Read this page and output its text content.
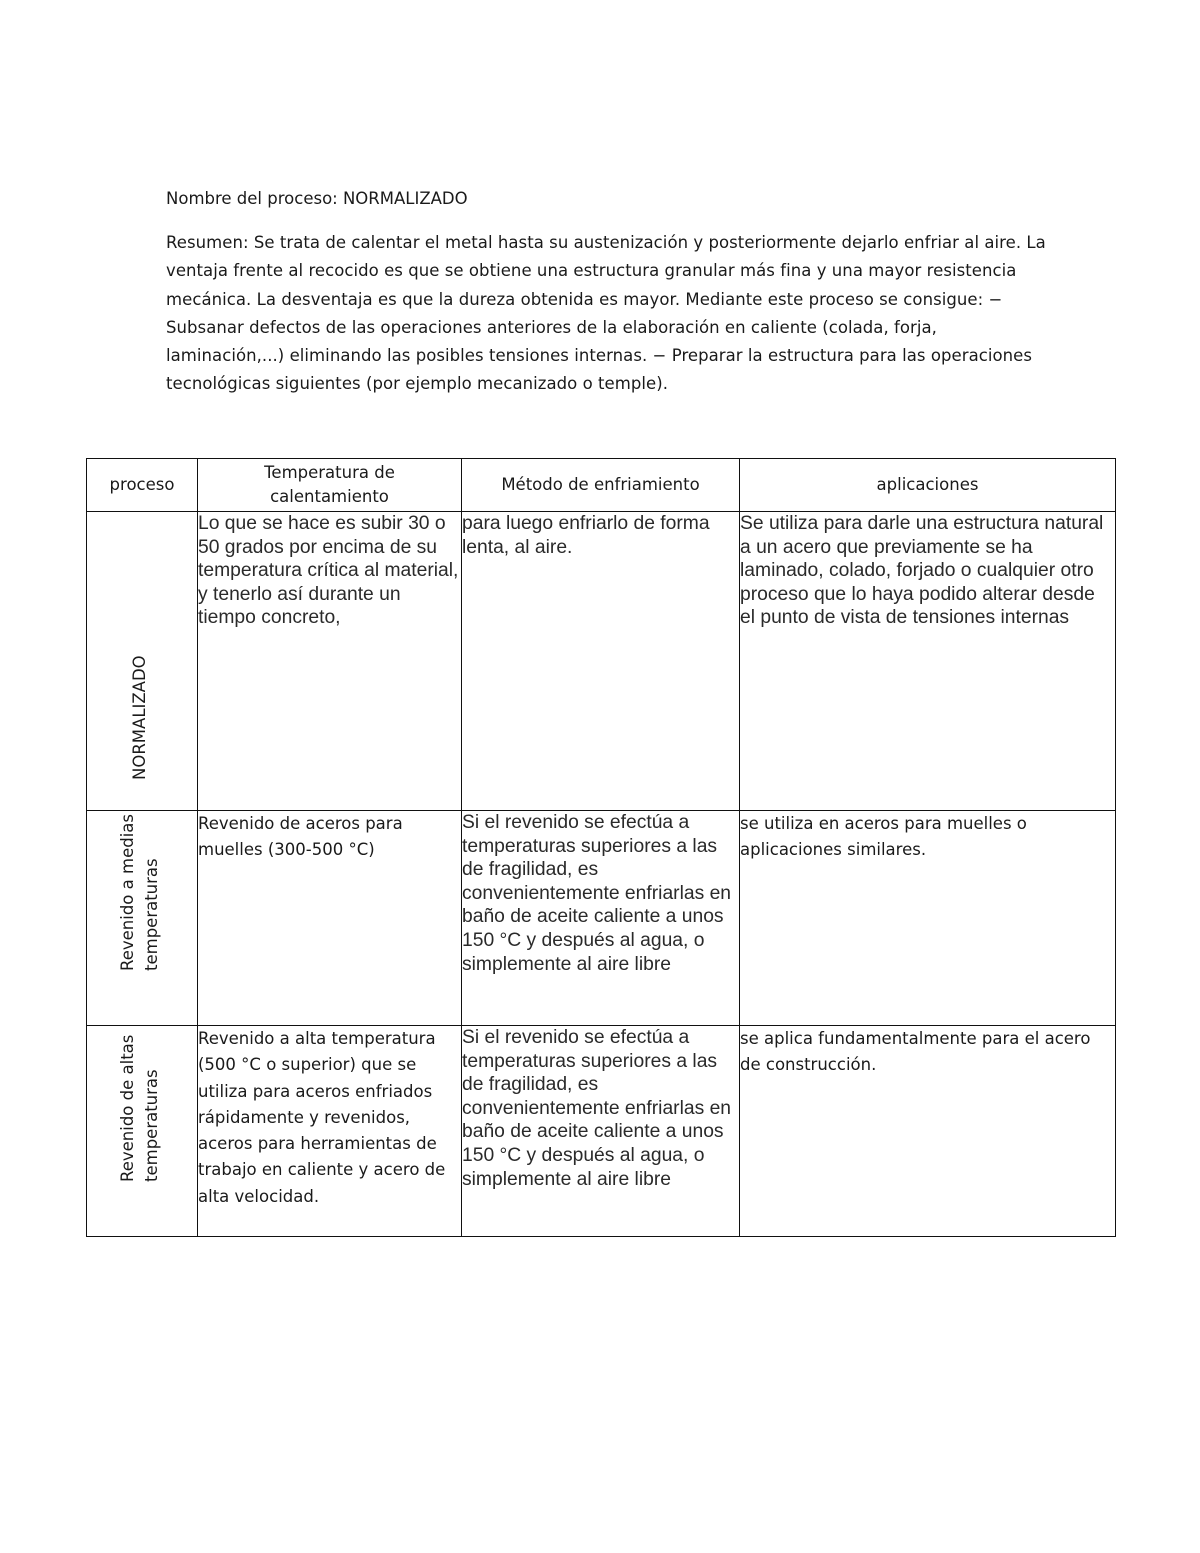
Nombre del proceso: NORMALIZADO

Resumen: Se trata de calentar el metal hasta su austenización y posteriormente dejarlo enfriar al aire. La ventaja frente al recocido es que se obtiene una estructura granular más fina y una mayor resistencia mecánica. La desventaja es que la dureza obtenida es mayor. Mediante este proceso se consigue: − Subsanar defectos de las operaciones anteriores de la elaboración en caliente (colada, forja, laminación,...) eliminando las posibles tensiones internas. − Preparar la estructura para las operaciones tecnológicas siguientes (por ejemplo mecanizado o temple).

proceso	Temperatura de calentamiento	Método de enfriamiento	aplicaciones

NORMALIZADO	Lo que se hace es subir 30 o 50 grados por encima de su temperatura crítica al material, y tenerlo así durante un tiempo concreto,	para luego enfriarlo de forma lenta, al aire.	Se utiliza para darle una estructura natural a un acero que previamente se ha laminado, colado, forjado o cualquier otro proceso que lo haya podido alterar desde el punto de vista de tensiones internas

Revenido a medias temperaturas	Revenido de aceros para muelles (300-500 °C)	Si el revenido se efectúa a temperaturas superiores a las de fragilidad, es convenientemente enfriarlas en baño de aceite caliente a unos 150 °C y después al agua, o simplemente al aire libre	se utiliza en aceros para muelles o aplicaciones similares.

Revenido de altas temperaturas	Revenido a alta temperatura (500 °C o superior) que se utiliza para aceros enfriados rápidamente y revenidos, aceros para herramientas de trabajo en caliente y acero de alta velocidad.	Si el revenido se efectúa a temperaturas superiores a las de fragilidad, es convenientemente enfriarlas en baño de aceite caliente a unos 150 °C y después al agua, o simplemente al aire libre	se aplica fundamentalmente para el acero de construcción.
